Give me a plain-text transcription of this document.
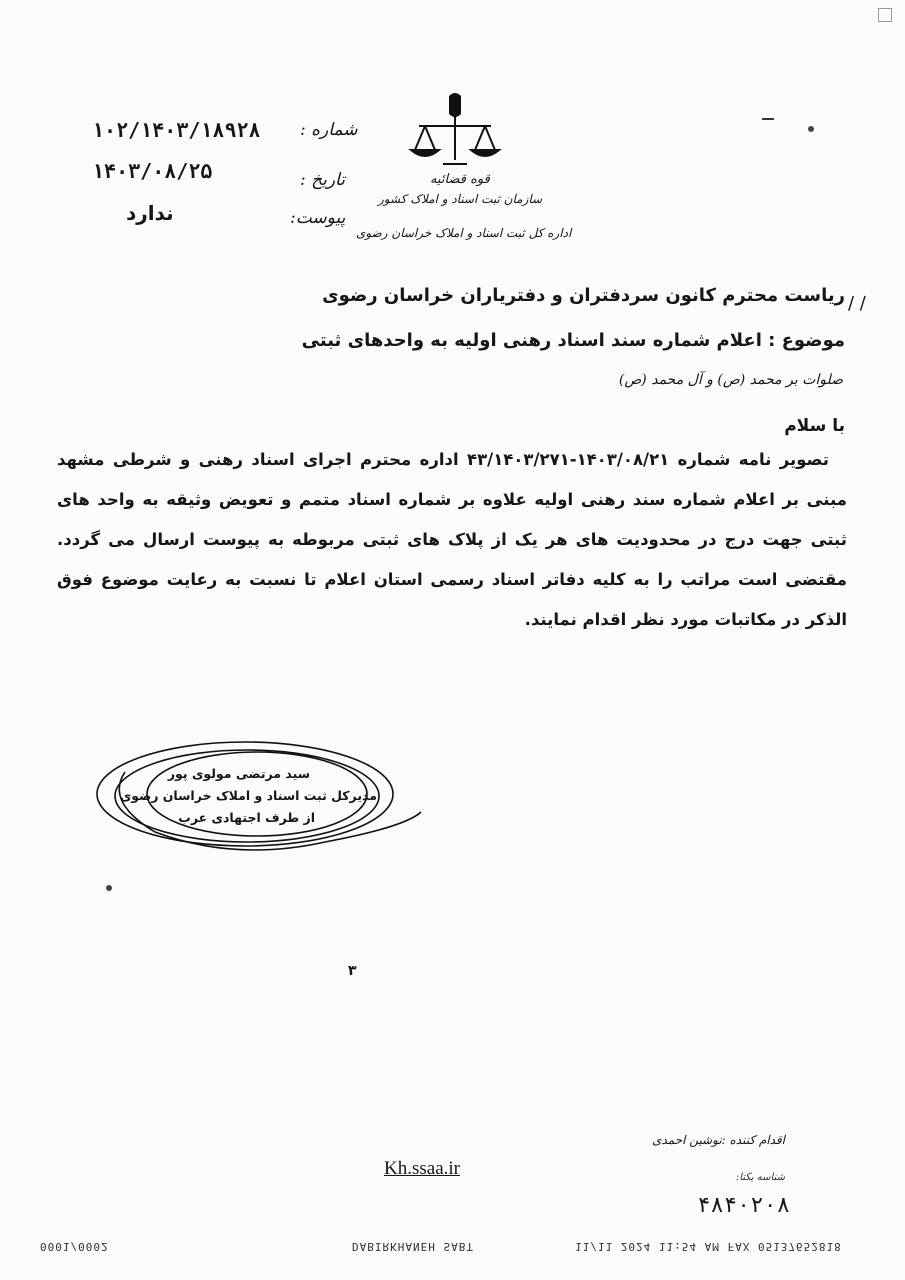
۱۰۲/۱۴۰۳/۱۸۹۲۸ شماره :
۱۴۰۳/۰۸/۲۵	تاریخ :
ندارد	پیوست:
قوه قضائیه
سازمان ثبت اسناد و املاک کشور
اداره کل ثبت اسناد و املاک خراسان رضوی
/ ∕
ریاست محترم کانون سردفتران و دفتریاران خراسان رضوی
موضوع : اعلام شماره سند اسناد رهنی اولیه به واحدهای ثبتی
صلوات بر محمد (ص) و آل محمد (ص)
با سلام
تصویر نامه شماره ۱۴۰۳/۰۸/۲۱-۴۳/۱۴۰۳/۲۷۱ اداره محترم اجرای اسناد رهنی و شرطی مشهد مبنی بر اعلام شماره سند رهنی اولیه علاوه بر شماره اسناد متمم و تعویض وثیقه به واحد های ثبتی جهت درج در محدودیت های هر یک از پلاک های ثبتی مربوطه به پیوست ارسال می گردد. مقتضی است مراتب را به کلیه دفاتر اسناد رسمی استان اعلام تا نسبت به رعایت موضوع فوق الذکر در مکاتبات مورد نظر اقدام نمایند.
سید مرتضی مولوی پور
مدیرکل ثبت اسناد و املاک خراسان رضوی
از طرف اجتهادی عرب
۳
اقدام کننده :نوشین احمدی
Kh.ssaa.ir	شناسه یکتا:
۴۸۴۰۲۰۸
11/11 2024 11:54 AM FAX 05137652818
DABIRKHANEH SABT
0001/0002
